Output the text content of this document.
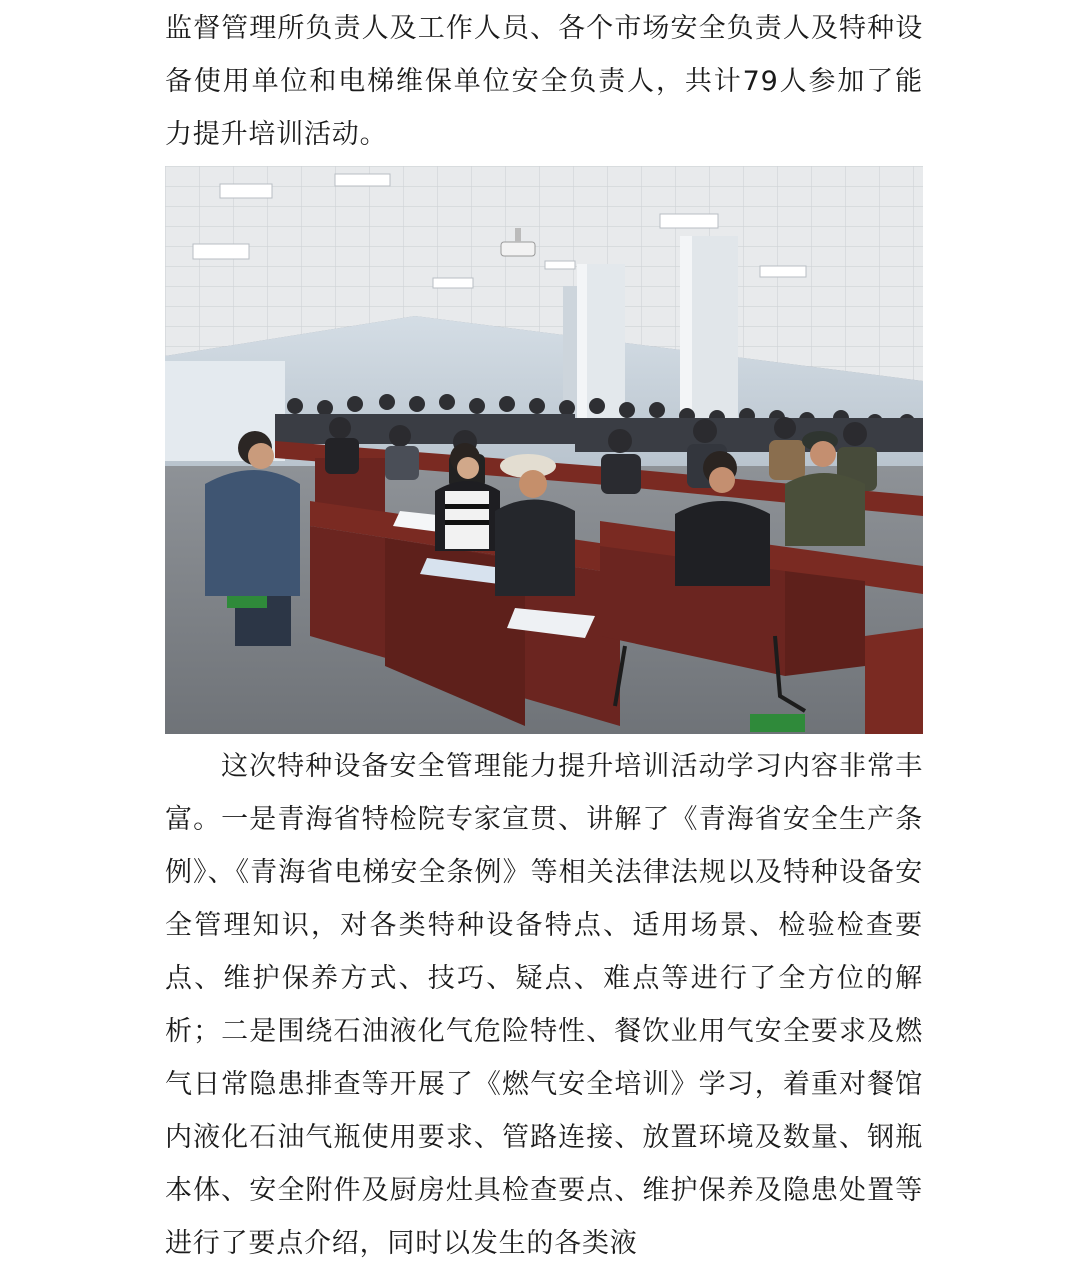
监督管理所负责人及工作人员、各个市场安全负责人及特种设备使用单位和电梯维保单位安全负责人，共计79人参加了能力提升培训活动。

这次特种设备安全管理能力提升培训活动学习内容非常丰富。一是青海省特检院专家宣贯、讲解了《青海省安全生产条例》、《青海省电梯安全条例》等相关法律法规以及特种设备安全管理知识，对各类特种设备特点、适用场景、检验检查要点、维护保养方式、技巧、疑点、难点等进行了全方位的解析；二是围绕石油液化气危险特性、餐饮业用气安全要求及燃气日常隐患排查等开展了《燃气安全培训》学习，着重对餐馆内液化石油气瓶使用要求、管路连接、放置环境及数量、钢瓶本体、安全附件及厨房灶具检查要点、维护保养及隐患处置等进行了要点介绍，同时以发生的各类液
